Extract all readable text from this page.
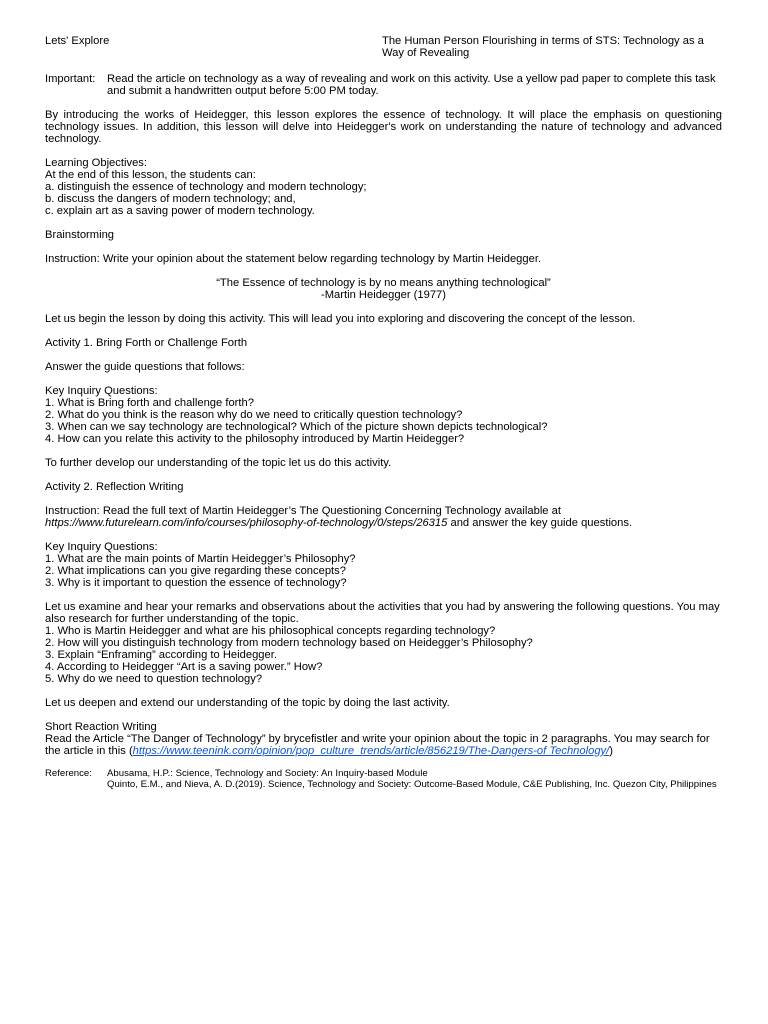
Lets' Explore	The Human Person Flourishing in terms of STS: Technology as a Way of Revealing
Important:	Read the article on technology as a way of revealing and work on this activity. Use a yellow pad paper to complete this task and submit a handwritten output before 5:00 PM today.

By introducing the works of Heidegger, this lesson explores the essence of technology. It will place the emphasis on questioning technology issues. In addition, this lesson will delve into Heidegger's work on understanding the nature of technology and advanced technology.

Learning Objectives:
At the end of this lesson, the students can:
a. distinguish the essence of technology and modern technology;
b. discuss the dangers of modern technology; and,
c. explain art as a saving power of modern technology.

Brainstorming

Instruction: Write your opinion about the statement below regarding technology by Martin Heidegger.

“The Essence of technology is by no means anything technological”
-Martin Heidegger (1977)

Let us begin the lesson by doing this activity. This will lead you into exploring and discovering the concept of the lesson.

Activity 1. Bring Forth or Challenge Forth

Answer the guide questions that follows:

Key Inquiry Questions:
1. What is Bring forth and challenge forth?
2. What do you think is the reason why do we need to critically question technology?
3. When can we say technology are technological? Which of the picture shown depicts technological?
4. How can you relate this activity to the philosophy introduced by Martin Heidegger?

To further develop our understanding of the topic let us do this activity.

Activity 2. Reflection Writing

Instruction: Read the full text of Martin Heidegger’s The Questioning Concerning Technology available at
https://www.futurelearn.com/info/courses/philosophy-of-technology/0/steps/26315 and answer the key guide questions.

Key Inquiry Questions:
1. What are the main points of Martin Heidegger’s Philosophy?
2. What implications can you give regarding these concepts?
3. Why is it important to question the essence of technology?
Let us examine and hear your remarks and observations about the activities that you had by answering the following questions. You may also research for further understanding of the topic.
1. Who is Martin Heidegger and what are his philosophical concepts regarding technology?
2. How will you distinguish technology from modern technology based on Heidegger’s Philosophy?
3. Explain “Enframing” according to Heidegger.
4. According to Heidegger “Art is a saving power.” How?
5. Why do we need to question technology?

Let us deepen and extend our understanding of the topic by doing the last activity.

Short Reaction Writing
Read the Article “The Danger of Technology” by brycefistler and write your opinion about the topic in 2 paragraphs. You may search for the article in this (https://www.teenink.com/opinion/pop_culture_trends/article/856219/The-Dangers-of Technology/)
Reference:	Abusama, H.P.: Science, Technology and Society: An Inquiry-based Module
Quinto, E.M., and Nieva, A. D.(2019). Science, Technology and Society: Outcome-Based Module, C&E Publishing, Inc. Quezon City, Philippines
